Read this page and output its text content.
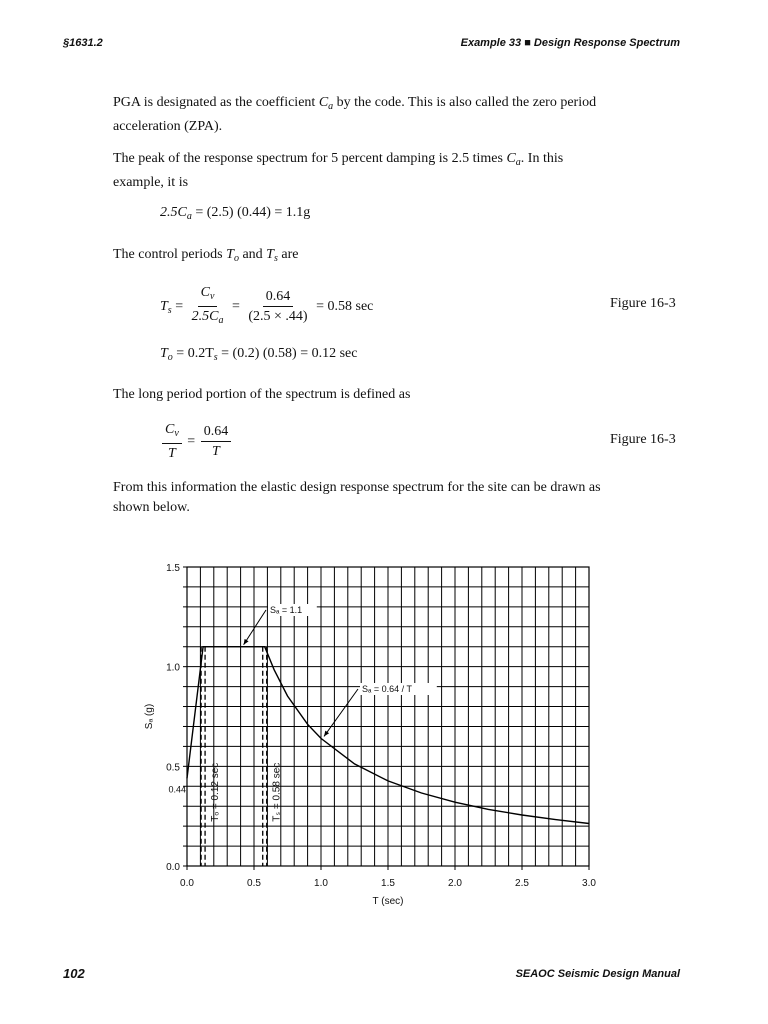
§1631.2	Example 33 ■ Design Response Spectrum
PGA is designated as the coefficient $C_a$ by the code. This is also called the zero period acceleration (ZPA).
The peak of the response spectrum for 5 percent damping is 2.5 times $C_a$. In this example, it is
$2.5C_a = (2.5) (0.44) = 1.1g$
The control periods $T_o$ and $T_s$ are
$T_s = \frac{C_v}{2.5C_a} = \frac{0.64}{(2.5 \times .44)} = 0.58$ sec	Figure 16-3
$T_o = 0.2T_s = (0.2) (0.58) = 0.12$ sec
The long period portion of the spectrum is defined as
$\frac{C_v}{T} = \frac{0.64}{T}$	Figure 16-3
From this information the elastic design response spectrum for the site can be drawn as shown below.
0.0	0.5	1.0	1.5	2.0	2.5	3.0
0.0
0.5
1.0
1.5
0.44 Tₒ = 0.12 sec	Tₛ = 0.58 sec
Sₐ = 1.1
Sₐ = 0.64 / T
T (sec)
Sₐ (g)
102	SEAOC Seismic Design Manual
